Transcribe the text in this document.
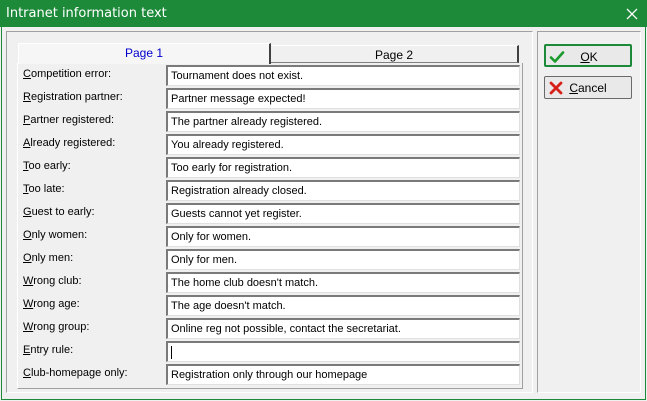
Intranet information text
Page 1	Page 2
Competition error:	Tournament does not exist.
Registration partner:	Partner message expected!
Partner registered:	The partner already registered.
Already registered:	You already registered.
Too early:	Too early for registration.
Too late:	Registration already closed.
Guest to early:	Guests cannot yet register.
Only women:	Only for women.
Only men:	Only for men.
Wrong club:	The home club doesn't match.
Wrong age:	The age doesn't match.
Wrong group:	Online reg not possible, contact the secretariat.
Entry rule:
Club-homepage only:	Registration only through our homepage
OK
Cancel
